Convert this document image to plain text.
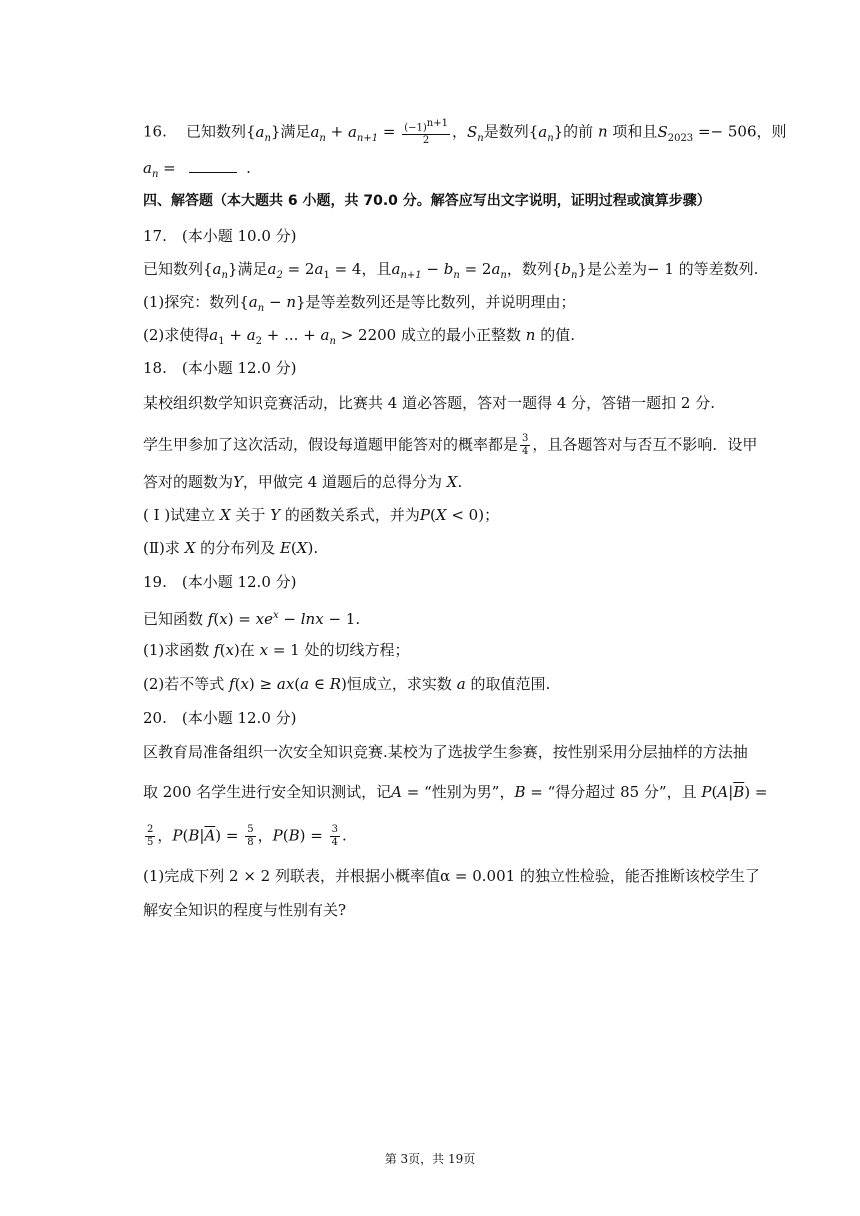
16. 已知数列$\{a_n\}$满足$a_n + a_{n+1} = \frac{(-1)^{n+1}}{2}$ ，$S_n$是数列$\{a_n\}$的前 n 项和且$S_{2023} =- 506$，则
$a_n$ =	.
四、解答题（本大题共 6 小题，共 70.0 分。解答应写出文字说明，证明过程或演算步骤）
17.　(本小题 10.0 分)
已知数列$\{a_n\}$满足$a_2 = 2a_1 = 4$，且$a_{n+1} - b_n = 2a_n$，数列$\{b_n\}$是公差为− 1 的等差数列.
(1)探究：数列$\{a_n - n\}$是等差数列还是等比数列，并说明理由；
(2)求使得$a_1 + a_2$ + ... + $a_n > 2200$ 成立的最小正整数 n 的值.
18.　(本小题 12.0 分)
某校组织数学知识竞赛活动，比赛共 4 道必答题，答对一题得 4 分，答错一题扣 2 分.
学生甲参加了这次活动，假设每道题甲能答对的概率都是 $\frac{3}{4}$ ，且各题答对与否互不影响．设甲
答对的题数为Y，甲做完 4 道题后的总得分为 X.
( I )试建立 X 关于 Y 的函数关系式，并为P(X < 0)；
(Ⅱ)求 X 的分布列及 E(X).
19.　(本小题 12.0 分)
已知函数 $f(x) = xe^x - \ln x - 1$.
(1)求函数 f(x)在 x = 1 处的切线方程；
(2)若不等式 f(x) ≥ ax(a ∈ R)恒成立，求实数 a 的取值范围.
20.　(本小题 12.0 分)
区教育局准备组织一次安全知识竞赛.某校为了选拔学生参赛，按性别采用分层抽样的方法抽
取 200 名学生进行安全知识测试，记A = “性别为男”，B = “得分超过 85 分”，且 $P(A|\overline{B})$ =
$\frac{2}{5}$ ，$P(B|\overline{A}) = \frac{5}{8}$ ，$P(B) = \frac{3}{4}$ .
(1)完成下列 2 × 2 列联表，并根据小概率值α = 0.001 的独立性检验，能否推断该校学生了
解安全知识的程度与性别有关?
第 3页，共 19页
